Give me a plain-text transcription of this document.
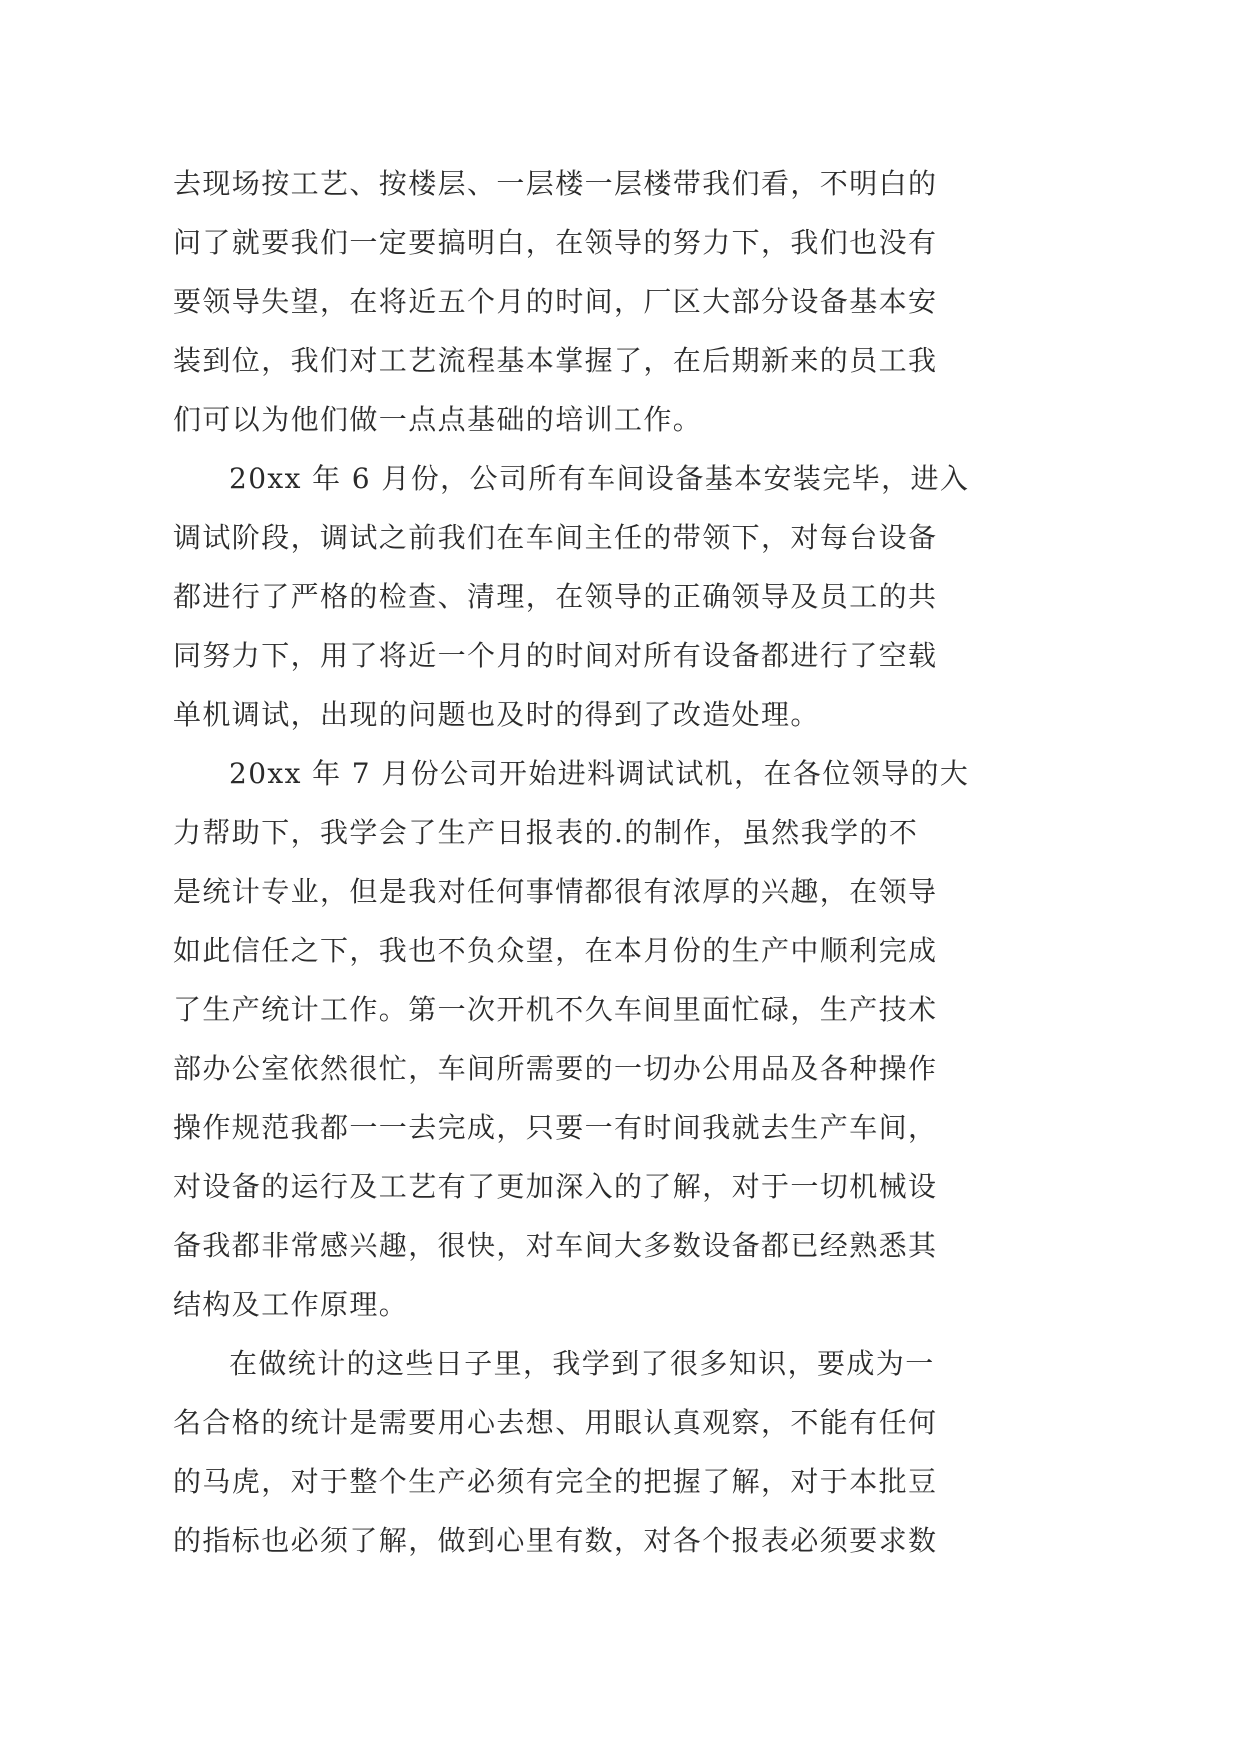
去现场按工艺、按楼层、一层楼一层楼带我们看，不明白的
问了就要我们一定要搞明白，在领导的努力下，我们也没有
要领导失望，在将近五个月的时间，厂区大部分设备基本安
装到位，我们对工艺流程基本掌握了，在后期新来的员工我
们可以为他们做一点点基础的培训工作。
20xx 年 6 月份，公司所有车间设备基本安装完毕，进入
调试阶段，调试之前我们在车间主任的带领下，对每台设备
都进行了严格的检查、清理，在领导的正确领导及员工的共
同努力下，用了将近一个月的时间对所有设备都进行了空载
单机调试，出现的问题也及时的得到了改造处理。
20xx 年 7 月份公司开始进料调试试机，在各位领导的大
力帮助下，我学会了生产日报表的.的制作，虽然我学的不
是统计专业，但是我对任何事情都很有浓厚的兴趣，在领导
如此信任之下，我也不负众望，在本月份的生产中顺利完成
了生产统计工作。第一次开机不久车间里面忙碌，生产技术
部办公室依然很忙，车间所需要的一切办公用品及各种操作
操作规范我都一一去完成，只要一有时间我就去生产车间，
对设备的运行及工艺有了更加深入的了解，对于一切机械设
备我都非常感兴趣，很快，对车间大多数设备都已经熟悉其
结构及工作原理。
在做统计的这些日子里，我学到了很多知识，要成为一
名合格的统计是需要用心去想、用眼认真观察，不能有任何
的马虎，对于整个生产必须有完全的把握了解，对于本批豆
的指标也必须了解，做到心里有数，对各个报表必须要求数
